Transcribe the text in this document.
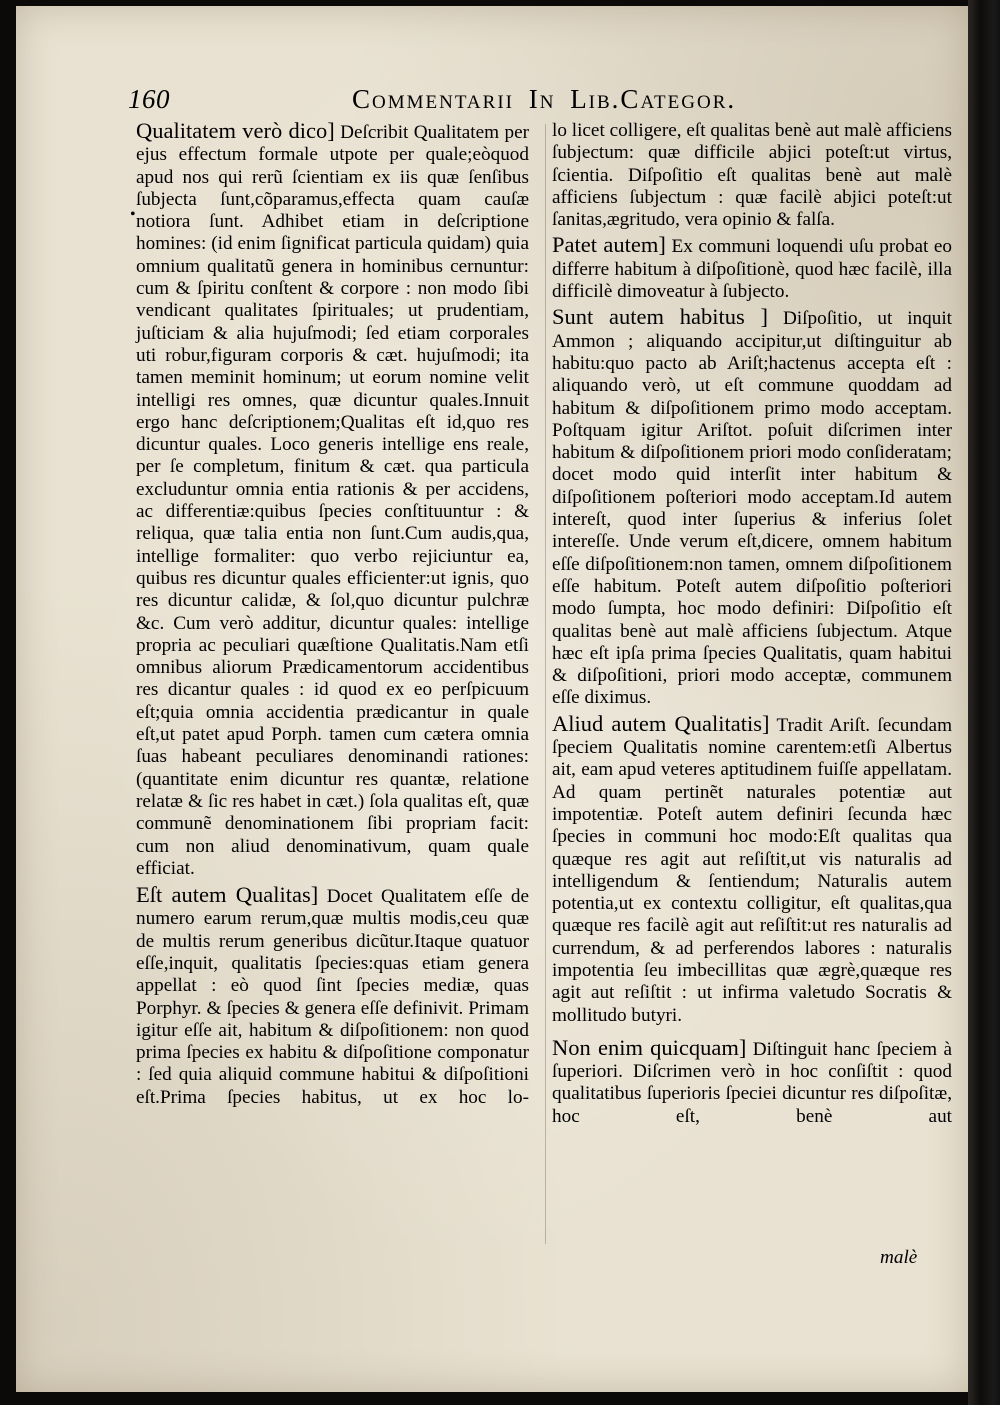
160	Commentarii In Lib.Categor.
•

Qualitatem verò dico] Deſcribit Qualitatem per ejus effectum formale utpote per quale;eòquod apud nos qui rerũ ſcientiam ex iis quæ ſenſibus ſubjecta ſunt,cõparamus,effecta quam cauſæ notiora ſunt. Adhibet etiam in deſcriptione homines: (id enim ſignificat particula quidam) quia omnium qualitatũ genera in hominibus cernuntur: cum & ſpiritu conſtent & corpore : non modo ſibi vendicant qualitates ſpirituales; ut prudentiam, juſticiam & alia hujuſmodi; ſed etiam corporales uti robur,figuram corporis & cæt. hujuſmodi; ita tamen meminit hominum; ut eorum nomine velit intelligi res omnes, quæ dicuntur quales.Innuit ergo hanc deſcriptionem;Qualitas eſt id,quo res dicuntur quales. Loco generis intellige ens reale, per ſe completum, finitum & cæt. qua particula excluduntur omnia entia rationis & per accidens, ac differentiæ:quibus ſpecies conſtituuntur : & reliqua, quæ talia entia non ſunt.Cum audis,qua, intellige formaliter: quo verbo rejiciuntur ea, quibus res dicuntur quales efficienter:ut ignis, quo res dicuntur calidæ, & ſol,quo dicuntur pulchræ &c. Cum verò additur, dicuntur quales: intellige propria ac peculiari quæſtione Qualitatis.Nam etſi omnibus aliorum Prædicamentorum accidentibus res dicantur quales : id quod ex eo perſpicuum eſt;quia omnia accidentia prædicantur in quale eſt,ut patet apud Porph. tamen cum cætera omnia ſuas habeant peculiares denominandi rationes: (quantitate enim dicuntur res quantæ, relatione relatæ & ſic res habet in cæt.) ſola qualitas eſt, quæ communẽ denominationem ſibi propriam facit: cum non aliud denominativum, quam quale efficiat.

Eſt autem Qualitas] Docet Qualitatem eſſe de numero earum rerum,quæ multis modis,ceu quæ de multis rerum generibus dicũtur.Itaque quatuor eſſe,inquit, qualitatis ſpecies:quas etiam genera appellat : eò quod ſint ſpecies mediæ, quas Porphyr. & ſpecies & genera eſſe definivit. Primam igitur eſſe ait, habitum & diſpoſitionem: non quod prima ſpecies ex habitu & diſpoſitione componatur : ſed quia aliquid commune habitui & diſpoſitioni eſt.Prima ſpecies habitus, ut ex hoc lo-

lo licet colligere, eſt qualitas benè aut malè afficiens ſubjectum: quæ difficile abjici poteſt:ut virtus, ſcientia. Diſpoſitio eſt qualitas benè aut malè afficiens ſubjectum : quæ facilè abjici poteſt:ut ſanitas,ægritudo, vera opinio & falſa.

Patet autem] Ex communi loquendi uſu probat eo differre habitum à diſpoſitionè, quod hæc facilè, illa difficilè dimoveatur à ſubjecto.

Sunt autem habitus ] Diſpoſitio, ut inquit Ammon ; aliquando accipitur,ut diſtinguitur ab habitu:quo pacto ab Ariſt;hactenus accepta eſt : aliquando verò, ut eſt commune quoddam ad habitum & diſpoſitionem primo modo acceptam. Poſtquam igitur Ariſtot. poſuit diſcrimen inter habitum & diſpoſitionem priori modo conſideratam; docet modo quid interſit inter habitum & diſpoſitionem poſteriori modo acceptam.Id autem intereſt, quod inter ſuperius & inferius ſolet intereſſe. Unde verum eſt,dicere, omnem habitum eſſe diſpoſitionem:non tamen, omnem diſpoſitionem eſſe habitum. Poteſt autem diſpoſitio poſteriori modo ſumpta, hoc modo definiri: Diſpoſitio eſt qualitas benè aut malè afficiens ſubjectum. Atque hæc eſt ipſa prima ſpecies Qualitatis, quam habitui & diſpoſitioni, priori modo acceptæ, communem eſſe diximus.

Aliud autem Qualitatis] Tradit Ariſt. ſecundam ſpeciem Qualitatis nomine carentem:etſi Albertus ait, eam apud veteres aptitudinem fuiſſe appellatam. Ad quam pertinẽt naturales potentiæ aut impotentiæ. Poteſt autem definiri ſecunda hæc ſpecies in communi hoc modo:Eſt qualitas qua quæque res agit aut reſiſtit,ut vis naturalis ad intelligendum & ſentiendum; Naturalis autem potentia,ut ex contextu colligitur, eſt qualitas,qua quæque res facilè agit aut reſiſtit:ut res naturalis ad currendum, & ad perferendos labores : naturalis impotentia ſeu imbecillitas quæ ægrè,quæque res agit aut reſiſtit : ut infirma valetudo Socratis & mollitudo butyri.

Non enim quicquam] Diſtinguit hanc ſpeciem à ſuperiori. Diſcrimen verò in hoc conſiſtit : quod qualitatibus ſuperioris ſpeciei dicuntur res diſpoſitæ, hoc eſt, benè aut

malè
